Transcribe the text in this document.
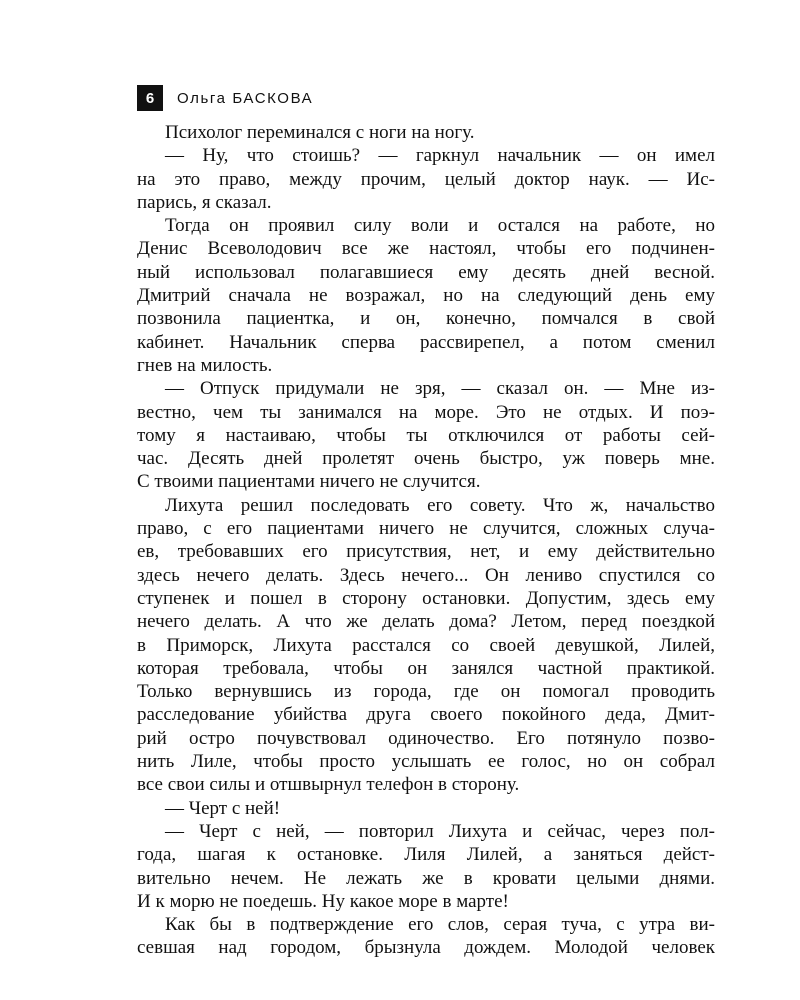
6	Ольга БАСКОВА
Психолог переминался с ноги на ногу.
— Ну, что стоишь? — гаркнул начальник — он имел
на это право, между прочим, целый доктор наук. — Ис-
парись, я сказал.
Тогда он проявил силу воли и остался на работе, но
Денис Всеволодович все же настоял, чтобы его подчинен-
ный использовал полагавшиеся ему десять дней весной.
Дмитрий сначала не возражал, но на следующий день ему
позвонила пациентка, и он, конечно, помчался в свой
кабинет. Начальник сперва рассвирепел, а потом сменил
гнев на милость.
— Отпуск придумали не зря, — сказал он. — Мне из-
вестно, чем ты занимался на море. Это не отдых. И поэ-
тому я настаиваю, чтобы ты отключился от работы сей-
час. Десять дней пролетят очень быстро, уж поверь мне.
С твоими пациентами ничего не случится.
Лихута решил последовать его совету. Что ж, начальство
право, с его пациентами ничего не случится, сложных случа-
ев, требовавших его присутствия, нет, и ему действительно
здесь нечего делать. Здесь нечего... Он лениво спустился со
ступенек и пошел в сторону остановки. Допустим, здесь ему
нечего делать. А что же делать дома? Летом, перед поездкой
в Приморск, Лихута расстался со своей девушкой, Лилей,
которая требовала, чтобы он занялся частной практикой.
Только вернувшись из города, где он помогал проводить
расследование убийства друга своего покойного деда, Дмит-
рий остро почувствовал одиночество. Его потянуло позво-
нить Лиле, чтобы просто услышать ее голос, но он собрал
все свои силы и отшвырнул телефон в сторону.
— Черт с ней!
— Черт с ней, — повторил Лихута и сейчас, через пол-
года, шагая к остановке. Лиля Лилей, а заняться дейст-
вительно нечем. Не лежать же в кровати целыми днями.
И к морю не поедешь. Ну какое море в марте!
Как бы в подтверждение его слов, серая туча, с утра ви-
севшая над городом, брызнула дождем. Молодой человек
